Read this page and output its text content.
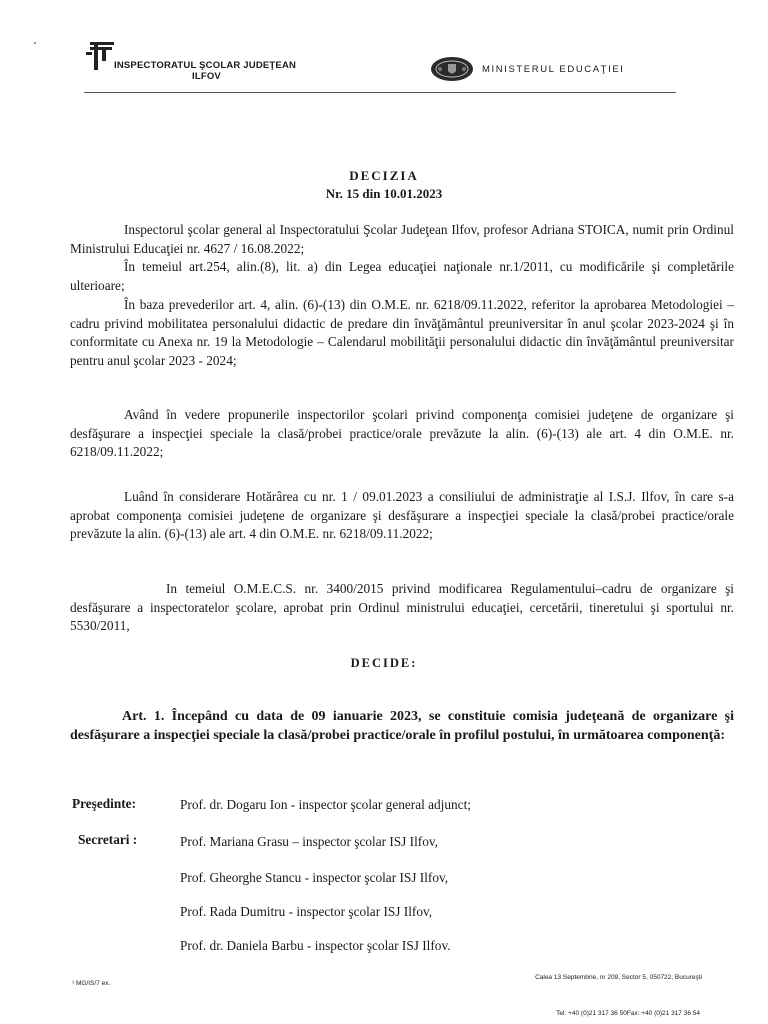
INSPECTORATUL ŞCOLAR JUDEŢEAN
ILFOV
MINISTERUL EDUCAŢIEI
DECIZIA
Nr. 15 din 10.01.2023
Inspectorul şcolar general al Inspectoratului Şcolar Judeţean Ilfov, profesor Adriana STOICA, numit prin Ordinul Ministrului Educaţiei nr. 4627 / 16.08.2022;
În temeiul art.254, alin.(8), lit. a) din Legea educaţiei naţionale nr.1/2011, cu modificările şi completările ulterioare;
În baza prevederilor art. 4, alin. (6)-(13) din O.M.E. nr. 6218/09.11.2022, referitor la aprobarea Metodologiei – cadru privind mobilitatea personalului didactic de predare din învăţământul preuniversitar în anul şcolar 2023-2024 şi în conformitate cu Anexa nr. 19 la Metodologie – Calendarul mobilităţii personalului didactic din învăţământul preuniversitar pentru anul şcolar 2023 - 2024;
Având în vedere propunerile inspectorilor şcolari privind componenţa comisiei judeţene de organizare şi desfăşurare a inspecţiei speciale la clasă/probei practice/orale prevăzute la alin. (6)-(13) ale art. 4 din O.M.E. nr. 6218/09.11.2022;
Luând în considerare Hotărârea cu nr. 1 / 09.01.2023 a consiliului de administraţie al I.S.J. Ilfov, în care s-a aprobat componenţa comisiei judeţene de organizare şi desfăşurare a inspecţiei speciale la clasă/probei practice/orale prevăzute la alin. (6)-(13) ale art. 4 din O.M.E. nr. 6218/09.11.2022;
In temeiul O.M.E.C.S. nr. 3400/2015 privind modificarea Regulamentului–cadru de organizare şi desfăşurare a inspectoratelor şcolare, aprobat prin Ordinul ministrului educaţiei, cercetării, tineretului şi sportului nr. 5530/2011,
DECIDE:
Art. 1. Începând cu data de 09 ianuarie 2023, se constituie comisia judeţeană de organizare şi desfăşurare a inspecţiei speciale la clasă/probei practice/orale în profilul postului, în următoarea componenţă:
Preşedinte:
Secretari :
Prof. dr. Dogaru Ion - inspector şcolar general adjunct;
Prof. Mariana Grasu – inspector şcolar ISJ Ilfov,
Prof. Gheorghe Stancu - inspector şcolar ISJ Ilfov,
Prof. Rada Dumitru - inspector şcolar ISJ Ilfov,
Prof. dr. Daniela Barbu - inspector şcolar ISJ Ilfov.
¹ MG/IS/7 ex.
Calea 13 Septembrie, nr 209, Sector 5, 050722, Bucureşti
Tel: +40 (0)21 317 36 50Fax: +40 (0)21 317 36 54
